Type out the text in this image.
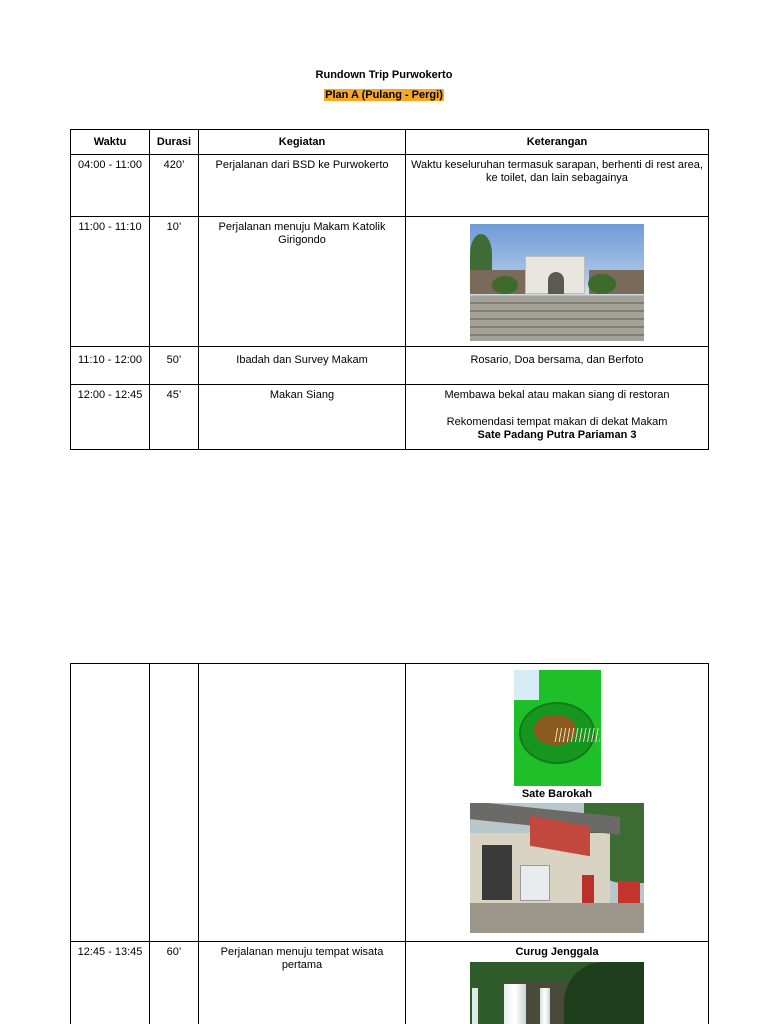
Rundown Trip Purwokerto
Plan A (Pulang - Pergi)
Waktu	Durasi	Kegiatan	Keterangan
04:00 - 11:00	420’	Perjalanan dari BSD ke Purwokerto	Waktu keseluruhan termasuk sarapan, berhenti di rest area, ke toilet, dan lain sebagainya
11:00 - 11:10	10’	Perjalanan menuju Makam Katolik Girigondo	

11:10 - 12:00	50’	Ibadah dan Survey Makam	Rosario, Doa bersama, dan Berfoto
12:00 - 12:45	45’	Makan Siang	Membawa bekal atau makan siang di restoran
Rekomendasi tempat makan di dekat Makam
Sate Padang Putra Pariaman 3

			Sate Barokah

12:45 - 13:45	60’	Perjalanan menuju tempat wisata pertama	Curug Jenggala
